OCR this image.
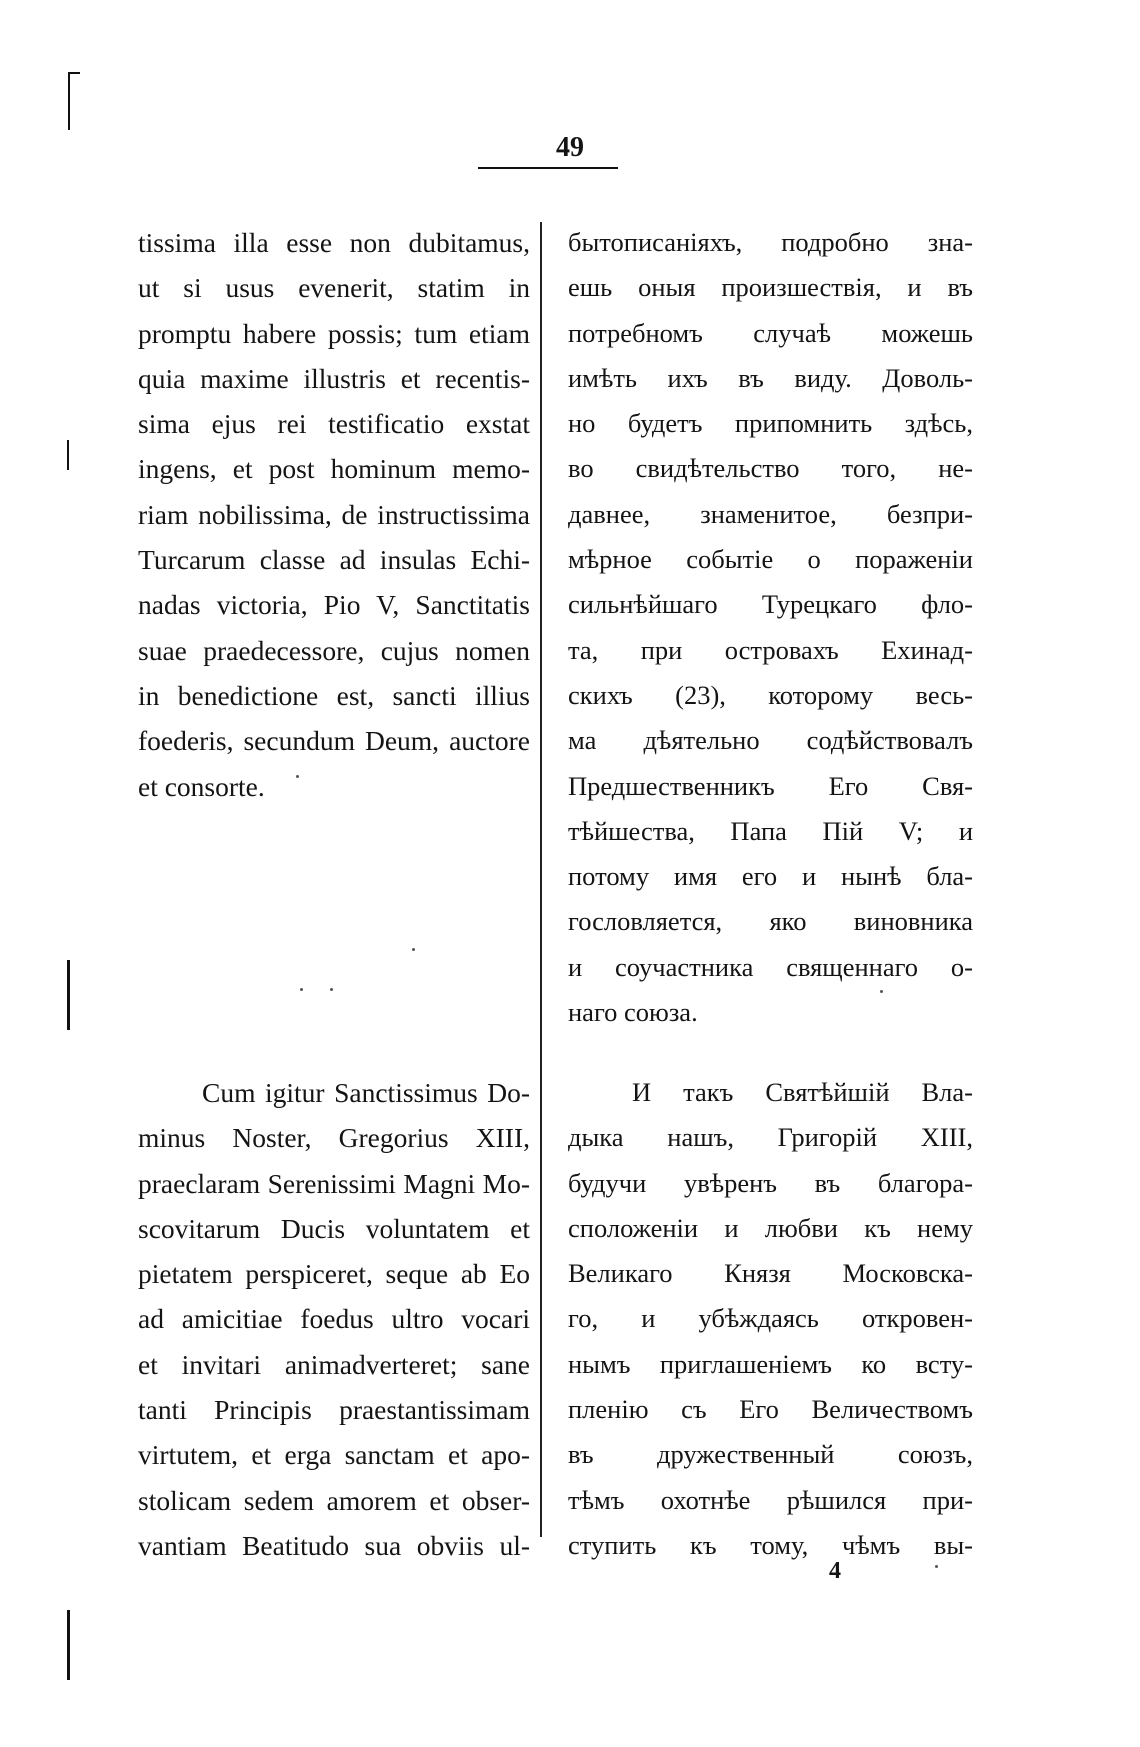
49
tissima illa esse non dubitamus,
ut si usus evenerit, statim in
promptu habere possis; tum etiam
quia maxime illustris et recentis-
sima ejus rei testificatio exstat
ingens, et post hominum memo-
riam nobilissima, de instructissima
Turcarum classe ad insulas Echi-
nadas victoria, Pio V, Sanctitatis
suae praedecessore, cujus nomen
in benedictione est, sancti illius
foederis, secundum Deum, auctore
et consorte.
бытописаніяхъ, подробно зна-
ешь оныя произшествія, и въ
потребномъ случаѣ можешь
имѣть ихъ въ виду. Доволь-
но будетъ припомнить здѣсь,
во свидѣтельство того, не-
давнее, знаменитое, безпри-
мѣрное событіе о пораженіи
сильнѣйшаго Турецкаго фло-
та, при островахъ Ехинад-
скихъ (23), которому весь-
ма дѣятельно содѣйствовалъ
Предшественникъ Его Свя-
тѣйшества, Папа Пій V; и
потому имя его и нынѣ бла-
гословляется, яко виновника
и соучастника священнаго о-
наго союза.
Cum igitur Sanctissimus Do-
minus Noster, Gregorius XIII,
praeclaram Serenissimi Magni Mo-
scovitarum Ducis voluntatem et
pietatem perspiceret, seque ab Eo
ad amicitiae foedus ultro vocari
et invitari animadverteret; sane
tanti Principis praestantissimam
virtutem, et erga sanctam et apo-
stolicam sedem amorem et obser-
vantiam Beatitudo sua obviis ul-
И такъ Святѣйшій Вла-
дыка нашъ, Григорій XIII,
будучи увѣренъ въ благора-
сположеніи и любви къ нему
Великаго Князя Московска-
го, и убѣждаясь откровен-
нымъ приглашеніемъ ко всту-
пленію съ Его Величествомъ
въ дружественный союзъ,
тѣмъ охотнѣе рѣшился при-
ступить къ тому, чѣмъ вы-
4
